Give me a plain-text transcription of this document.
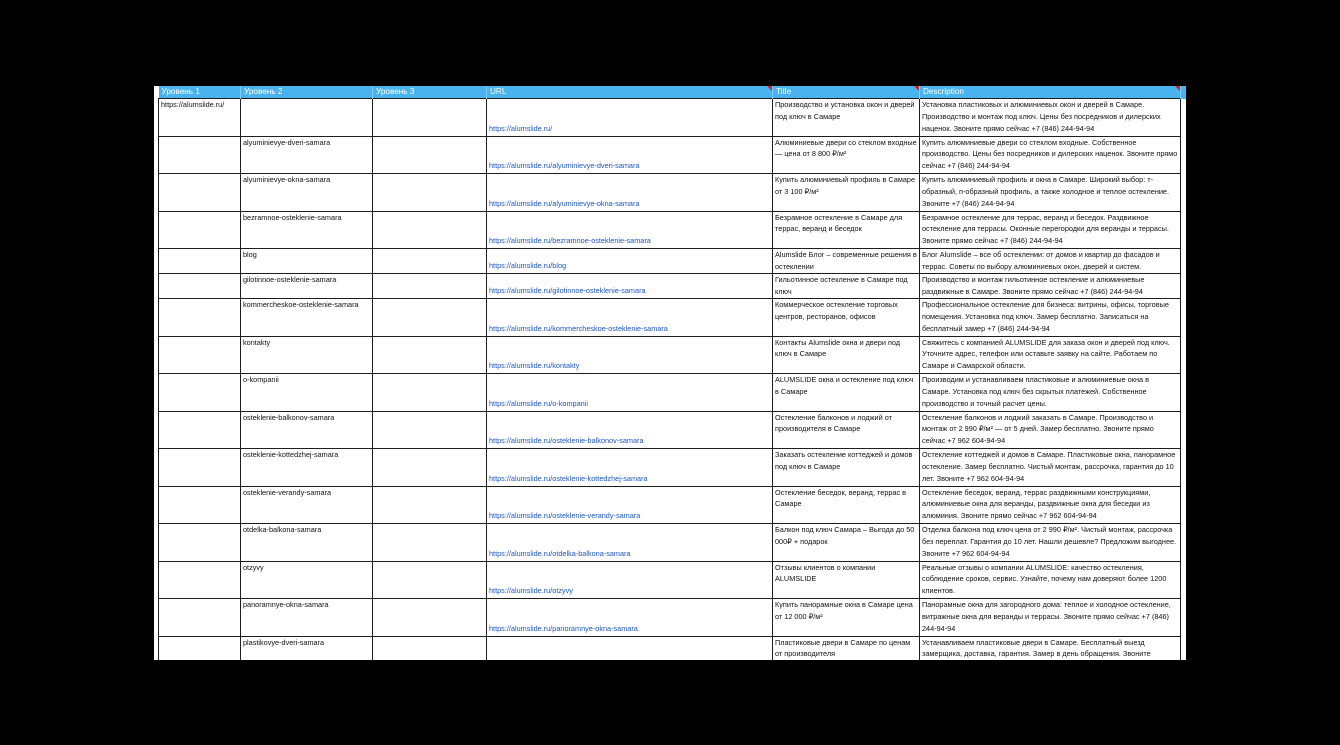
Уровень 1	Уровень 2	Уровень 3	URL	Title	Description	
https://alumslide.ru/			https://alumslide.ru/	Производство и установка окон и дверей под ключ в Самаре	Установка пластиковых и алюминиевых окон и дверей в Самаре. Производство и монтаж под ключ. Цены без посредников и дилерских наценок. Звоните прямо сейчас +7 (846) 244-94-94	
	alyuminievye-dveri-samara		https://alumslide.ru/alyuminievye-dveri-samara	Алюминиевые двери со стеклом входные — цена от 8 800 ₽/м²	Купить алюминиевые двери со стеклом входные. Собственное производство. Цены без посредников и дилерских наценок. Звоните прямо сейчас +7 (846) 244-94-94	
	alyuminievye-okna-samara		https://alumslide.ru/alyuminievye-okna-samara	Купить алюминиевый профиль в Самаре от 3 100 ₽/м²	Купить алюминиевый профиль и окна в Самаре. Широкий выбор: т-образный, п-образный профиль, а также холодное и теплое остекление. Звоните +7 (846) 244-94-94	
	bezramnoe-osteklenie-samara		https://alumslide.ru/bezramnoe-osteklenie-samara	Безрамное остекление в Самаре для террас, веранд и беседок	Безрамное остекление для террас, веранд и беседок. Раздвижное остекление для террасы. Оконные перегородки для веранды и террасы. Звоните прямо сейчас +7 (846) 244-94-94	
	blog		https://alumslide.ru/blog	Alumslide Блог – современные решения в остеклении	Блог Alumslide – все об остеклении: от домов и квартир до фасадов и террас. Советы по выбору алюминиевых окон, дверей и систем.	
	gilotinnoe-osteklenie-samara		https://alumslide.ru/gilotinnoe-osteklenie-samara	Гильотинное остекление в Самаре под ключ	Производство и монтаж гильотинное остекление и алюминиевые раздвижные в Самаре. Звоните прямо сейчас +7 (846) 244-94-94	
	kommercheskoe-osteklenie-samara		https://alumslide.ru/kommercheskoe-osteklenie-samara	Коммерческое остекление торговых центров, ресторанов, офисов	Профессиональное остекление для бизнеса: витрины, офисы, торговые помещения. Установка под ключ. Замер бесплатно. Записаться на бесплатный замер +7 (846) 244-94-94	
	kontakty		https://alumslide.ru/kontakty	Контакты Alumslide окна и двери под ключ в Самаре	Свяжитесь с компанией ALUMSLIDE для заказа окон и дверей под ключ. Уточните адрес, телефон или оставьте заявку на сайте. Работаем по Самаре и Самарской области.	
	o-kompanii		https://alumslide.ru/o-kompanii	ALUMSLIDE окна и остекление под ключ в Самаре	Производим и устанавливаем пластиковые и алюминиевые окна в Самаре. Установка под ключ без скрытых платежей. Собственное производство и точный расчет цены.	
	osteklenie-balkonov-samara		https://alumslide.ru/osteklenie-balkonov-samara	Остекление балконов и лоджий от производителя в Самаре	Остекление балконов и лоджий заказать в Самаре. Производство и монтаж от 2 990 ₽/м² — от 5 дней. Замер бесплатно. Звоните прямо сейчас +7 962 604-94-94	
	osteklenie-kottedzhej-samara		https://alumslide.ru/osteklenie-kottedzhej-samara	Заказать остекление коттеджей и домов под ключ в Самаре	Остекление коттеджей и домов в Самаре. Пластиковые окна, панорамное остекление. Замер бесплатно. Чистый монтаж, рассрочка, гарантия до 10 лет. Звоните +7 962 604-94-94	
	osteklenie-verandy-samara		https://alumslide.ru/osteklenie-verandy-samara	Остекление беседок, веранд, террас в Самаре	Остекление беседок, веранд, террас раздвижными конструкциями, алюминиевые окна для веранды, раздвижные окна для беседки из алюминия. Звоните прямо сейчас +7 962 604-94-94	
	otdelka-balkona-samara		https://alumslide.ru/otdelka-balkona-samara	Балкон под ключ Самара – Выгода до 50 000₽ + подарок	Отделка балкона под ключ цена от 2 990 ₽/м². Чистый монтаж, рассрочка без переплат. Гарантия до 10 лет. Нашли дешевле? Предложим выгоднее. Звоните +7 962 604-94-94	
	otzyvy		https://alumslide.ru/otzyvy	Отзывы клиентов о компании ALUMSLIDE	Реальные отзывы о компании ALUMSLIDE: качество остекления, соблюдение сроков, сервис. Узнайте, почему нам доверяют более 1200 клиентов.	
	panoramnye-okna-samara		https://alumslide.ru/panoramnye-okna-samara	Купить панорамные окна в Самаре цена от 12 000 ₽/м²	Панорамные окна для загородного дома: теплое и холодное остекление, витражные окна для веранды и террасы. Звоните прямо сейчас +7 (846) 244-94-94	
	plastikovye-dveri-samara			Пластиковые двери в Самаре по ценам от производителя	Устанавливаем пластиковые двери в Самаре. Бесплатный выезд замерщика, доставка, гарантия. Замер в день обращения. Звоните	
